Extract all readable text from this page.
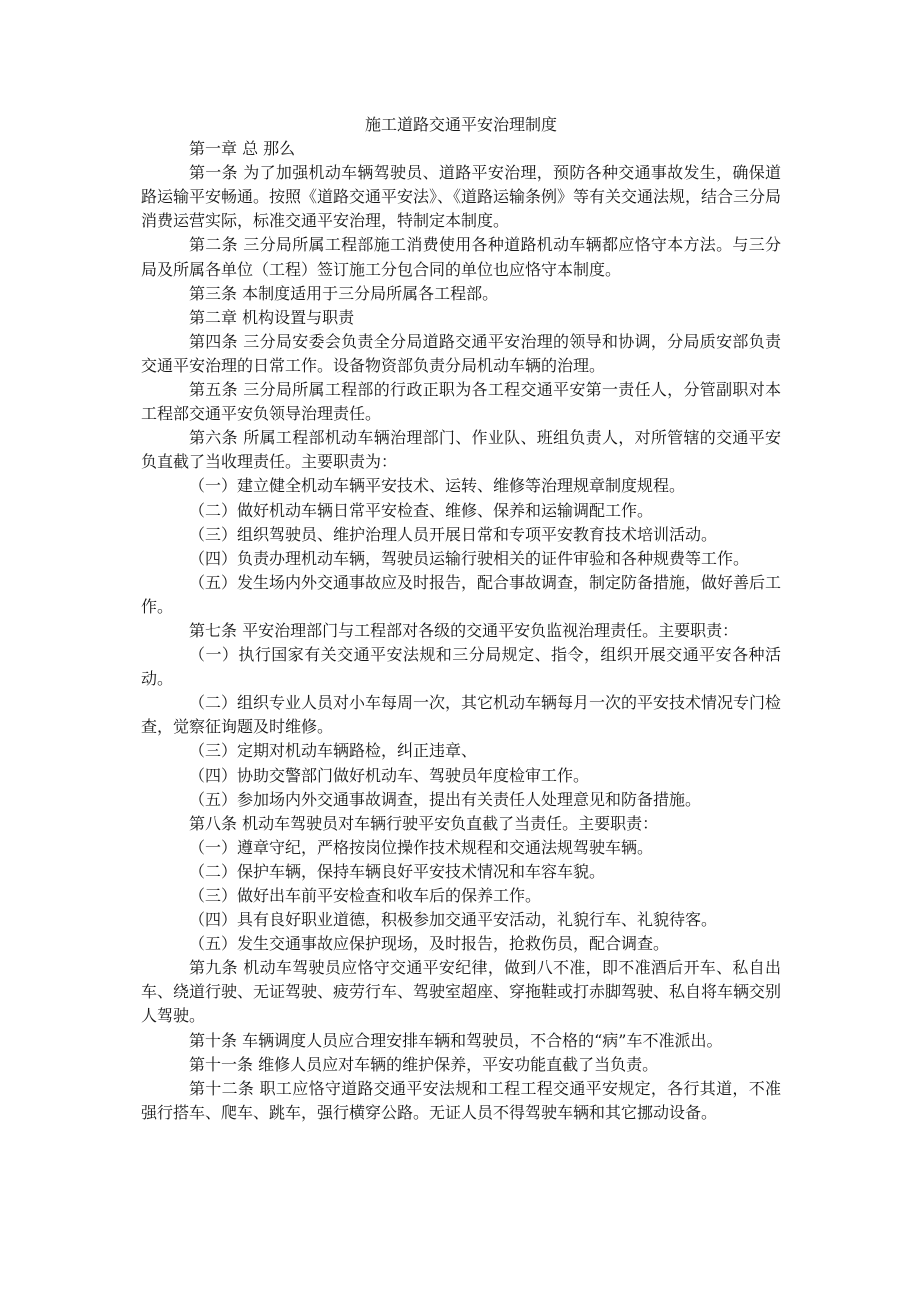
施工道路交通平安治理制度

第一章 总 那么

第一条 为了加强机动车辆驾驶员、道路平安治理，预防各种交通事故发生，确保道路运输平安畅通。按照《道路交通平安法》、《道路运输条例》等有关交通法规，结合三分局消费运营实际，标准交通平安治理，特制定本制度。

第二条 三分局所属工程部施工消费使用各种道路机动车辆都应恪守本方法。与三分局及所属各单位（工程）签订施工分包合同的单位也应恪守本制度。

第三条 本制度适用于三分局所属各工程部。

第二章 机构设置与职责

第四条 三分局安委会负责全分局道路交通平安治理的领导和协调，分局质安部负责交通平安治理的日常工作。设备物资部负责分局机动车辆的治理。

第五条 三分局所属工程部的行政正职为各工程交通平安第一责任人，分管副职对本工程部交通平安负领导治理责任。

第六条 所属工程部机动车辆治理部门、作业队、班组负责人，对所管辖的交通平安负直截了当收理责任。主要职责为：

（一）建立健全机动车辆平安技术、运转、维修等治理规章制度规程。

（二）做好机动车辆日常平安检查、维修、保养和运输调配工作。

（三）组织驾驶员、维护治理人员开展日常和专项平安教育技术培训活动。

（四）负责办理机动车辆，驾驶员运输行驶相关的证件审验和各种规费等工作。

（五）发生场内外交通事故应及时报告，配合事故调查，制定防备措施，做好善后工作。

第七条 平安治理部门与工程部对各级的交通平安负监视治理责任。主要职责：

（一）执行国家有关交通平安法规和三分局规定、指令，组织开展交通平安各种活动。

（二）组织专业人员对小车每周一次，其它机动车辆每月一次的平安技术情况专门检查，觉察征询题及时维修。

（三）定期对机动车辆路检，纠正违章、

（四）协助交警部门做好机动车、驾驶员年度检审工作。

（五）参加场内外交通事故调查，提出有关责任人处理意见和防备措施。

第八条 机动车驾驶员对车辆行驶平安负直截了当责任。主要职责：

（一）遵章守纪，严格按岗位操作技术规程和交通法规驾驶车辆。

（二）保护车辆，保持车辆良好平安技术情况和车容车貌。

（三）做好出车前平安检查和收车后的保养工作。

（四）具有良好职业道德，积极参加交通平安活动，礼貌行车、礼貌待客。

（五）发生交通事故应保护现场，及时报告，抢救伤员，配合调查。

第九条 机动车驾驶员应恪守交通平安纪律，做到八不准，即不准酒后开车、私自出车、绕道行驶、无证驾驶、疲劳行车、驾驶室超座、穿拖鞋或打赤脚驾驶、私自将车辆交别人驾驶。

第十条 车辆调度人员应合理安排车辆和驾驶员，不合格的“病”车不准派出。

第十一条 维修人员应对车辆的维护保养，平安功能直截了当负责。

第十二条 职工应恪守道路交通平安法规和工程工程交通平安规定，各行其道，不准强行搭车、爬车、跳车，强行横穿公路。无证人员不得驾驶车辆和其它挪动设备。
